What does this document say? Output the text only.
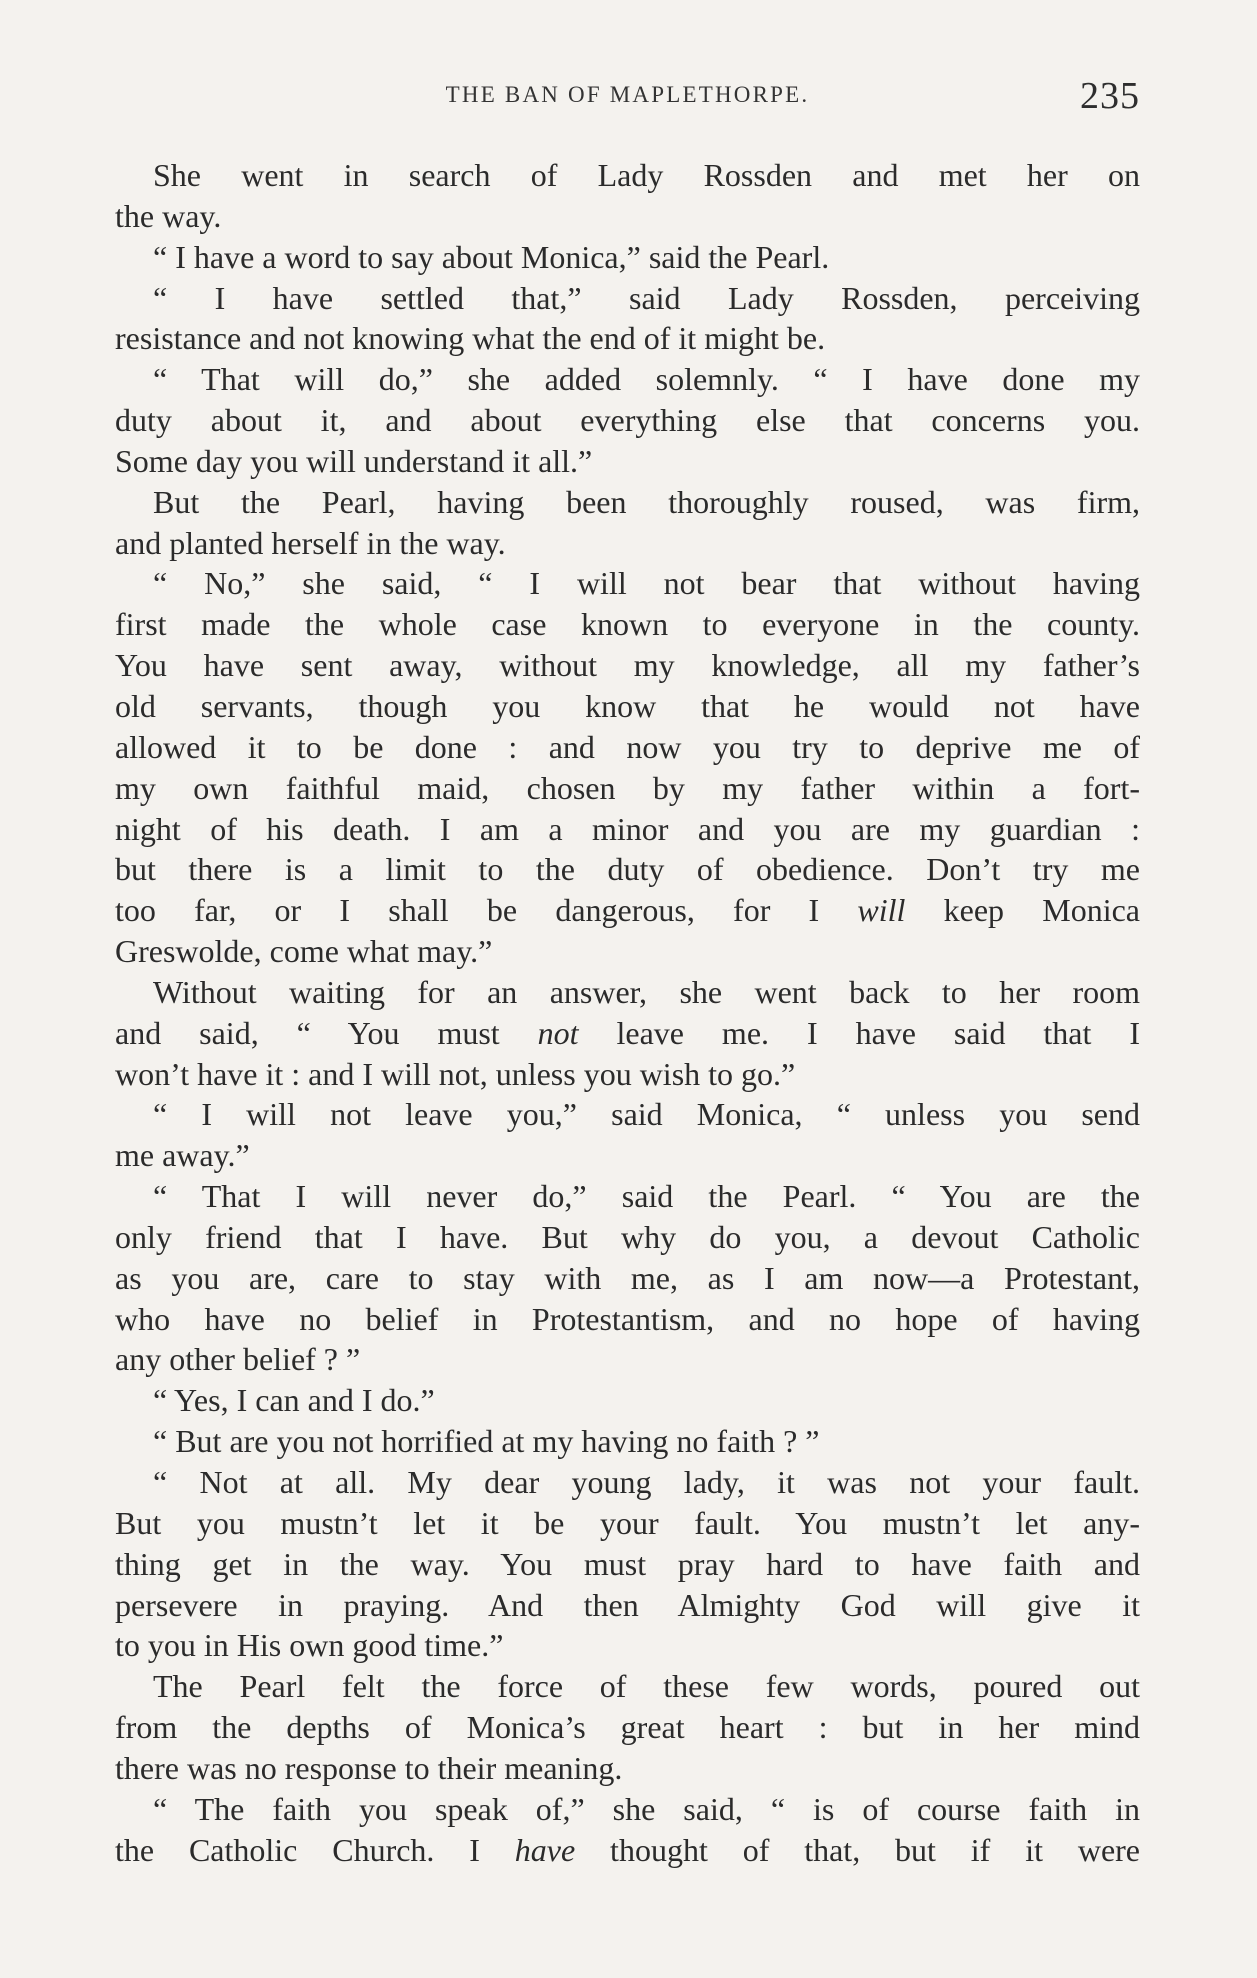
THE BAN OF MAPLETHORPE.	235
She went in search of Lady Rossden and met her on
the way.
“ I have a word to say about Monica,” said the Pearl.
“ I have settled that,” said Lady Rossden, perceiving
resistance and not knowing what the end of it might be.
“ That will do,” she added solemnly. “ I have done my
duty about it, and about everything else that concerns you.
Some day you will understand it all.”
But the Pearl, having been thoroughly roused, was firm,
and planted herself in the way.
“ No,” she said, “ I will not bear that without having
first made the whole case known to everyone in the county.
You have sent away, without my knowledge, all my father’s
old servants, though you know that he would not have
allowed it to be done : and now you try to deprive me of
my own faithful maid, chosen by my father within a fort-
night of his death. I am a minor and you are my guardian :
but there is a limit to the duty of obedience. Don’t try me
too far, or I shall be dangerous, for I will keep Monica
Greswolde, come what may.”
Without waiting for an answer, she went back to her room
and said, “ You must not leave me. I have said that I
won’t have it : and I will not, unless you wish to go.”
“ I will not leave you,” said Monica, “ unless you send
me away.”
“ That I will never do,” said the Pearl. “ You are the
only friend that I have. But why do you, a devout Catholic
as you are, care to stay with me, as I am now—a Protestant,
who have no belief in Protestantism, and no hope of having
any other belief ? ”
“ Yes, I can and I do.”
“ But are you not horrified at my having no faith ? ”
“ Not at all. My dear young lady, it was not your fault.
But you mustn’t let it be your fault. You mustn’t let any-
thing get in the way. You must pray hard to have faith and
persevere in praying. And then Almighty God will give it
to you in His own good time.”
The Pearl felt the force of these few words, poured out
from the depths of Monica’s great heart : but in her mind
there was no response to their meaning.
“ The faith you speak of,” she said, “ is of course faith in
the Catholic Church. I have thought of that, but if it were
